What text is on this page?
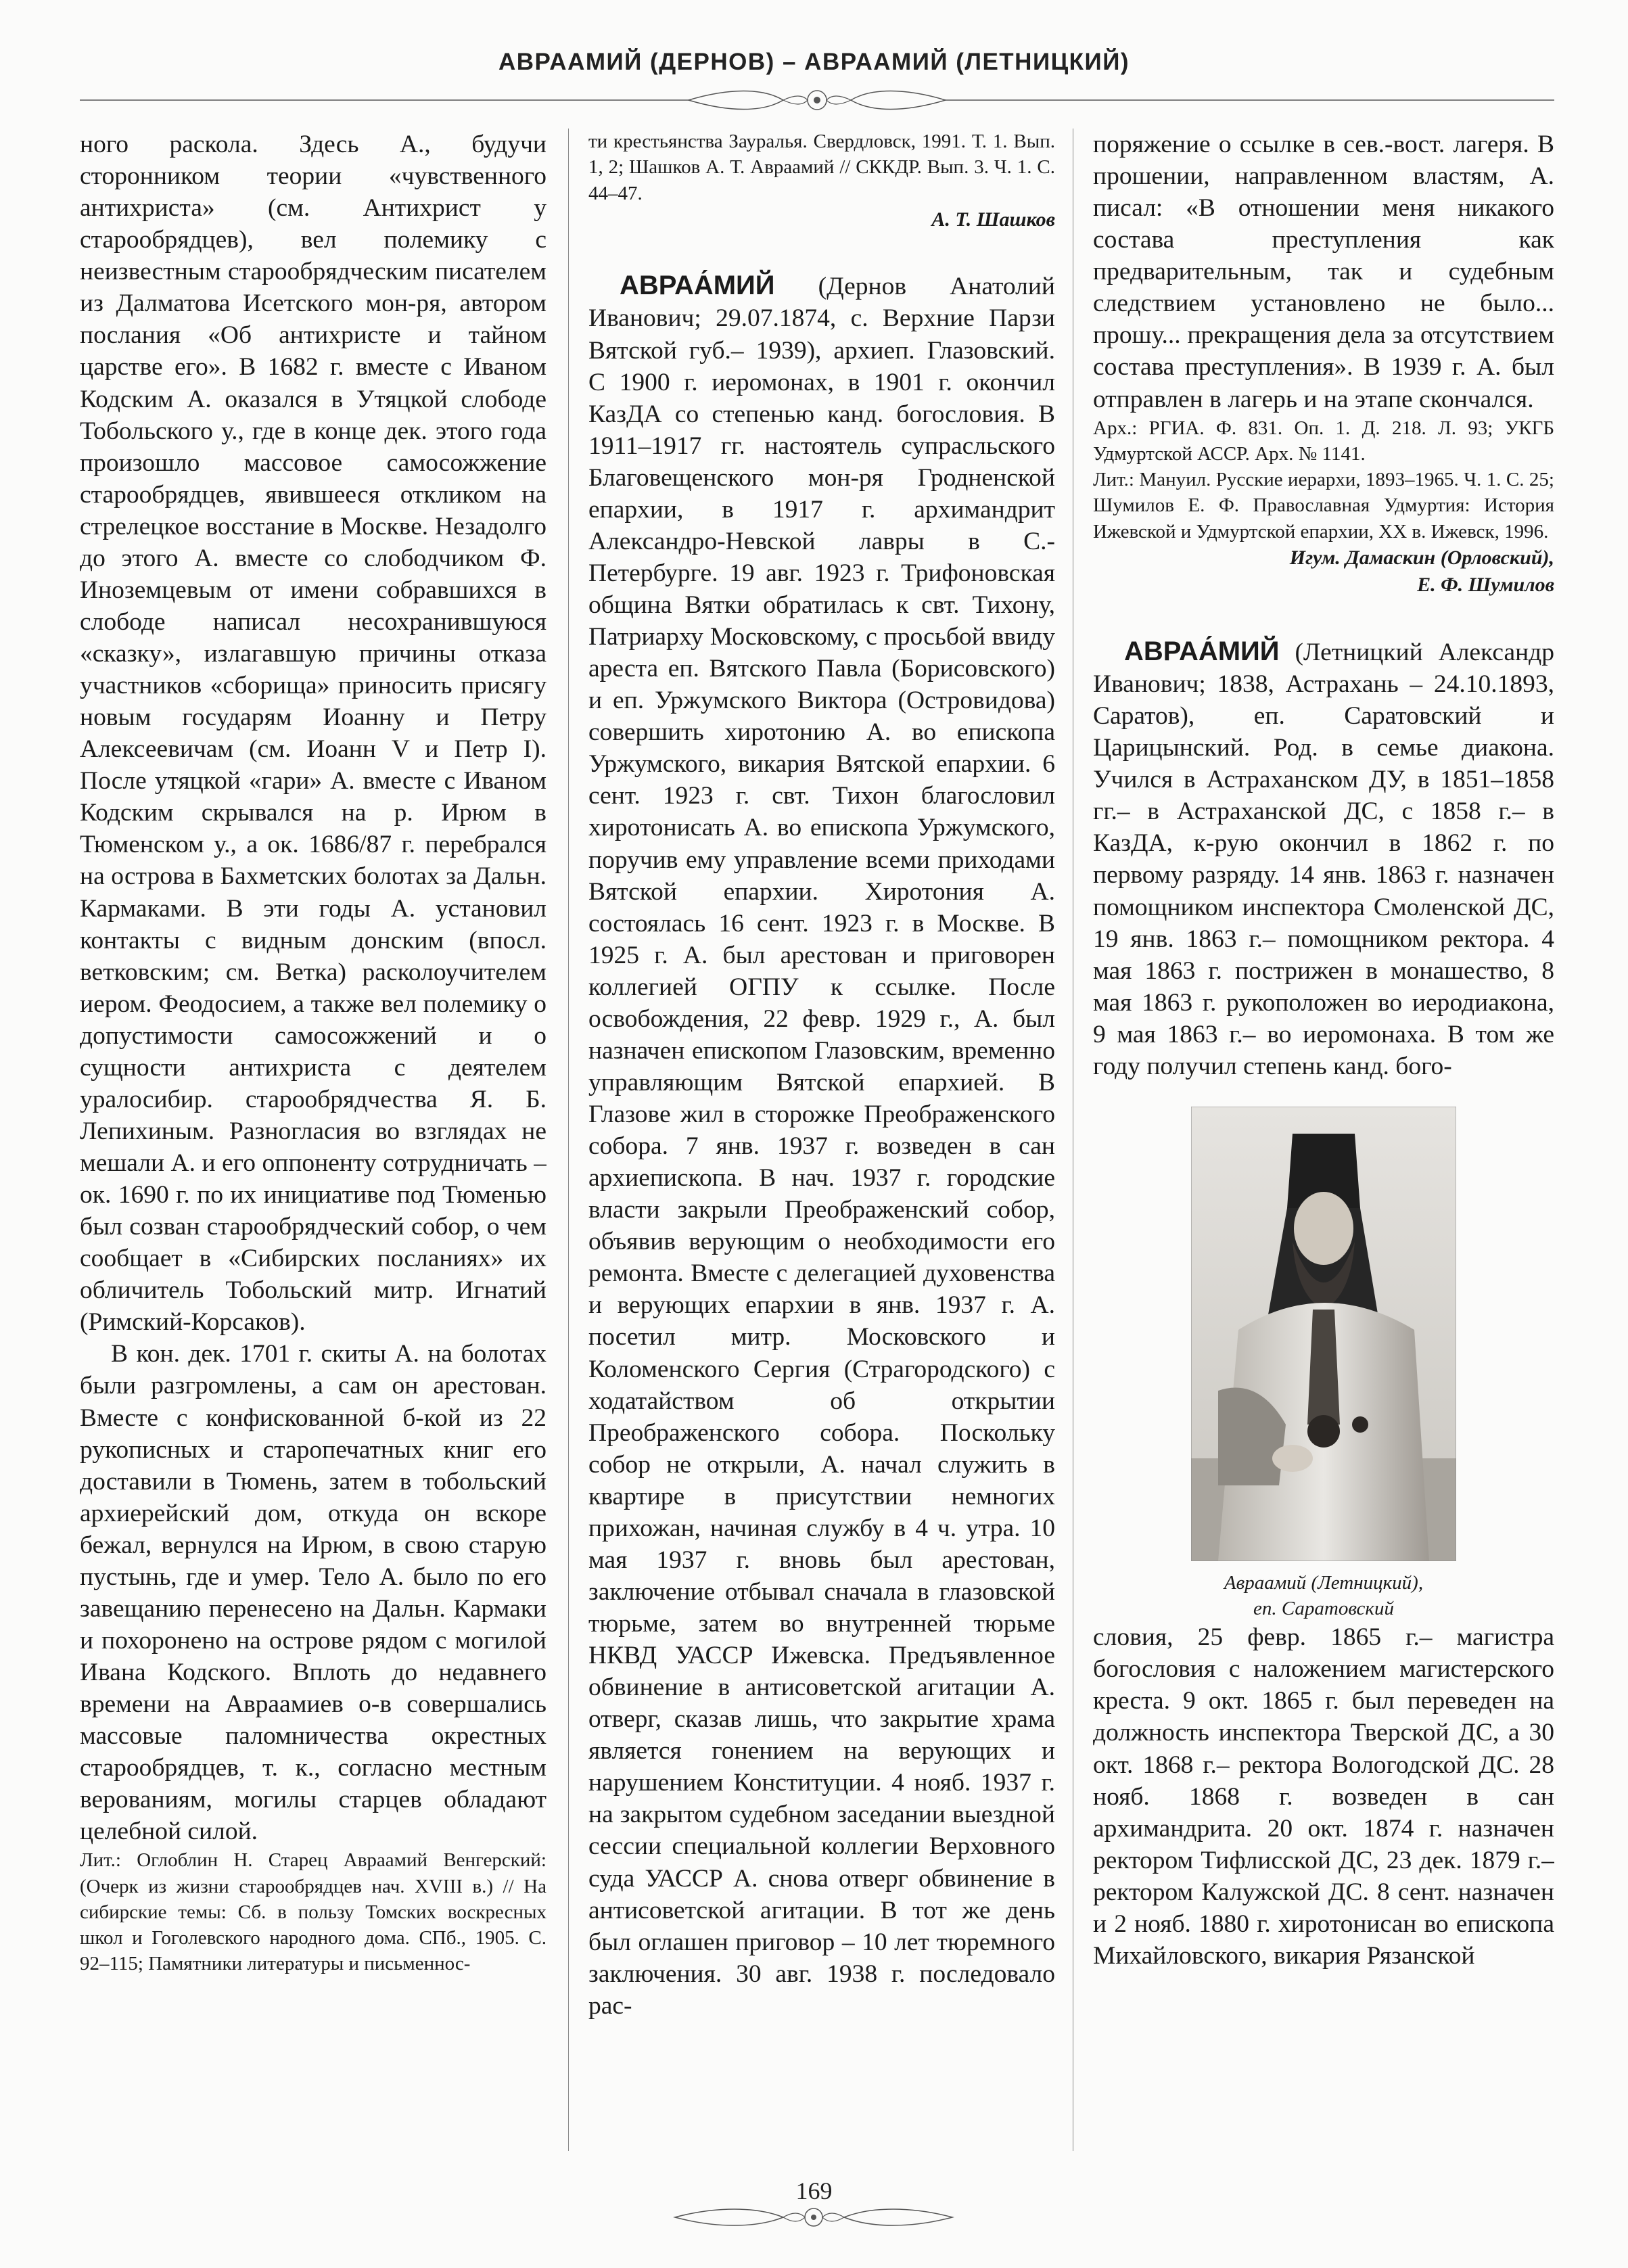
АВРААМИЙ (ДЕРНОВ) – АВРААМИЙ (ЛЕТНИЦКИЙ)

ного раскола. Здесь А., будучи сторонником теории «чувственного антихриста» (см. Антихрист у старообрядцев), вел полемику с неизвестным старообрядческим писателем из Далматова Исетского мон-ря, автором послания «Об антихристе и тайном царстве его». В 1682 г. вместе с Иваном Кодским А. оказался в Утяцкой слободе Тобольского у., где в конце дек. этого года произошло массовое самосожжение старообрядцев, явившееся откликом на стрелецкое восстание в Москве. Незадолго до этого А. вместе со слободчиком Ф. Иноземцевым от имени собравшихся в слободе написал несохранившуюся «сказку», излагавшую причины отказа участников «сборища» приносить присягу новым государям Иоанну и Петру Алексеевичам (см. Иоанн V и Петр I). После утяцкой «гари» А. вместе с Иваном Кодским скрывался на р. Ирюм в Тюменском у., а ок. 1686/87 г. перебрался на острова в Бахметских болотах за Дальн. Кармаками. В эти годы А. установил контакты с видным донским (впосл. ветковским; см. Ветка) расколоучителем иером. Феодосием, а также вел полемику о допустимости самосожжений и о сущности антихриста с деятелем уралосибир. старообрядчества Я. Б. Лепихиным. Разногласия во взглядах не мешали А. и его оппоненту сотрудничать – ок. 1690 г. по их инициативе под Тюменью был созван старообрядческий собор, о чем сообщает в «Сибирских посланиях» их обличитель Тобольский митр. Игнатий (Римский-Корсаков).

В кон. дек. 1701 г. скиты А. на болотах были разгромлены, а сам он арестован. Вместе с конфискованной б-кой из 22 рукописных и старопечатных книг его доставили в Тюмень, затем в тобольский архиерейский дом, откуда он вскоре бежал, вернулся на Ирюм, в свою старую пустынь, где и умер. Тело А. было по его завещанию перенесено на Дальн. Кармаки и похоронено на острове рядом с могилой Ивана Кодского. Вплоть до недавнего времени на Авраамиев о-в совершались массовые паломничества окрестных старообрядцев, т. к., согласно местным верованиям, могилы старцев обладают целебной силой.

Лит.: Оглоблин Н. Старец Авраамий Венгерский: (Очерк из жизни старообрядцев нач. XVIII в.) // На сибирские темы: Сб. в пользу Томских воскресных школ и Гоголевского народного дома. СПб., 1905. С. 92–115; Памятники литературы и письменнос-

ти крестьянства Зауралья. Свердловск, 1991. Т. 1. Вып. 1, 2; Шашков А. Т. Авраамий // СККДР. Вып. 3. Ч. 1. С. 44–47.

А. Т. Шашков

АВРАА́МИЙ (Дернов Анатолий Иванович; 29.07.1874, с. Верхние Парзи Вятской губ.– 1939), архиеп. Глазовский. С 1900 г. иеромонах, в 1901 г. окончил КазДА со степенью канд. богословия. В 1911–1917 гг. настоятель супрасльского Благовещенского мон-ря Гродненской епархии, в 1917 г. архимандрит Александро-Невской лавры в С.-Петербурге. 19 авг. 1923 г. Трифоновская община Вятки обратилась к свт. Тихону, Патриарху Московскому, с просьбой ввиду ареста еп. Вятского Павла (Борисовского) и еп. Уржумского Виктора (Островидова) совершить хиротонию А. во епископа Уржумского, викария Вятской епархии. 6 сент. 1923 г. свт. Тихон благословил хиротонисать А. во епископа Уржумского, поручив ему управление всеми приходами Вятской епархии. Хиротония А. состоялась 16 сент. 1923 г. в Москве. В 1925 г. А. был арестован и приговорен коллегией ОГПУ к ссылке. После освобождения, 22 февр. 1929 г., А. был назначен епископом Глазовским, временно управляющим Вятской епархией. В Глазове жил в сторожке Преображенского собора. 7 янв. 1937 г. возведен в сан архиепископа. В нач. 1937 г. городские власти закрыли Преображенский собор, объявив верующим о необходимости его ремонта. Вместе с делегацией духовенства и верующих епархии в янв. 1937 г. А. посетил митр. Московского и Коломенского Сергия (Страгородского) с ходатайством об открытии Преображенского собора. Поскольку собор не открыли, А. начал служить в квартире в присутствии немногих прихожан, начиная службу в 4 ч. утра. 10 мая 1937 г. вновь был арестован, заключение отбывал сначала в глазовской тюрьме, затем во внутренней тюрьме НКВД УАССР Ижевска. Предъявленное обвинение в антисоветской агитации А. отверг, сказав лишь, что закрытие храма является гонением на верующих и нарушением Конституции. 4 нояб. 1937 г. на закрытом судебном заседании выездной сессии специальной коллегии Верховного суда УАССР А. снова отверг обвинение в антисоветской агитации. В тот же день был оглашен приговор – 10 лет тюремного заключения. 30 авг. 1938 г. последовало рас-

поряжение о ссылке в сев.-вост. лагеря. В прошении, направленном властям, А. писал: «В отношении меня никакого состава преступления как предварительным, так и судебным следствием установлено не было... прошу... прекращения дела за отсутствием состава преступления». В 1939 г. А. был отправлен в лагерь и на этапе скончался.

Арх.: РГИА. Ф. 831. Оп. 1. Д. 218. Л. 93; УКГБ Удмуртской АССР. Арх. № 1141.

Лит.: Мануил. Русские иерархи, 1893–1965. Ч. 1. С. 25; Шумилов Е. Ф. Православная Удмуртия: История Ижевской и Удмуртской епархии, XX в. Ижевск, 1996.

Игум. Дамаскин (Орловский),

Е. Ф. Шумилов

АВРАА́МИЙ (Летницкий Александр Иванович; 1838, Астрахань – 24.10.1893, Саратов), еп. Саратовский и Царицынский. Род. в семье диакона. Учился в Астраханском ДУ, в 1851–1858 гг.– в Астраханской ДС, с 1858 г.– в КазДА, к-рую окончил в 1862 г. по первому разряду. 14 янв. 1863 г. назначен помощником инспектора Смоленской ДС, 19 янв. 1863 г.– помощником ректора. 4 мая 1863 г. пострижен в монашество, 8 мая 1863 г. рукоположен во иеродиакона, 9 мая 1863 г.– во иеромонаха. В том же году получил степень канд. бого-

Авраамий (Летницкий),
еп. Саратовский

словия, 25 февр. 1865 г.– магистра богословия с наложением магистерского креста. 9 окт. 1865 г. был переведен на должность инспектора Тверской ДС, а 30 окт. 1868 г.– ректора Вологодской ДС. 28 нояб. 1868 г. возведен в сан архимандрита. 20 окт. 1874 г. назначен ректором Тифлисской ДС, 23 дек. 1879 г.– ректором Калужской ДС. 8 сент. назначен и 2 нояб. 1880 г. хиротонисан во епископа Михайловского, викария Рязанской

169
